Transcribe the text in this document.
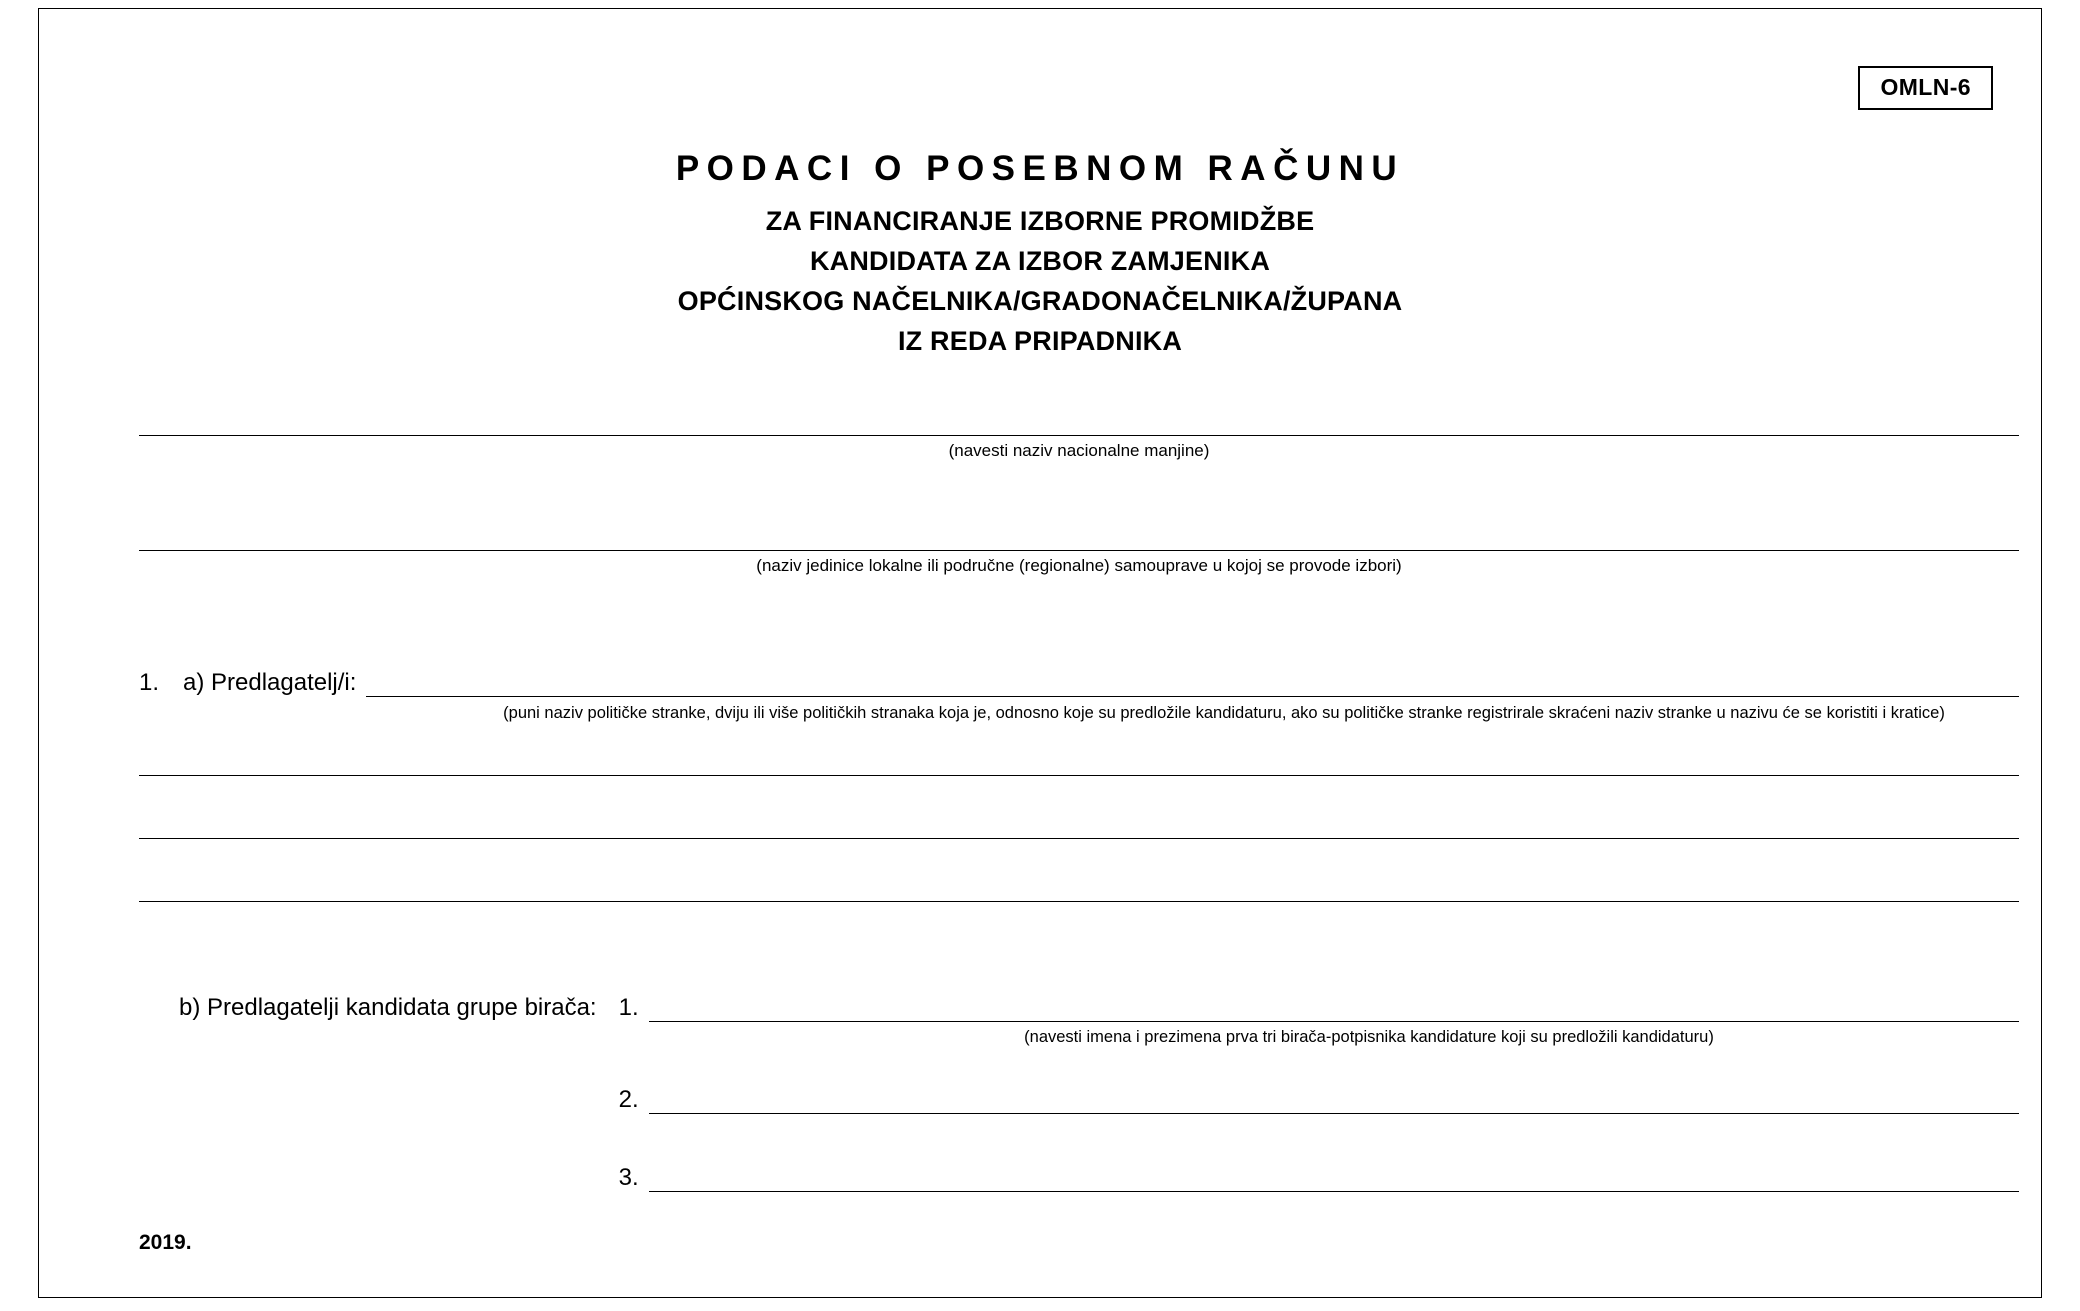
OMLN-6
PODACI O POSEBNOM RAČUNU
ZA FINANCIRANJE IZBORNE PROMIDŽBE
KANDIDATA ZA IZBOR ZAMJENIKA
OPĆINSKOG NAČELNIKA/GRADONAČELNIKA/ŽUPANA
IZ REDA PRIPADNIKA
(navesti naziv nacionalne manjine)
(naziv jedinice lokalne ili područne (regionalne) samouprave u kojoj se provode izbori)
1. a) Predlagatelj/i:
(puni naziv političke stranke, dviju ili više političkih stranaka koja je, odnosno koje su predložile kandidaturu, ako su političke stranke registrirale skraćeni naziv stranke u nazivu će se koristiti i kratice)
b) Predlagatelji kandidata grupe birača: 1.
(navesti imena i prezimena prva tri birača-potpisnika kandidature koji su predložili kandidaturu)
2.
3.
2019.
